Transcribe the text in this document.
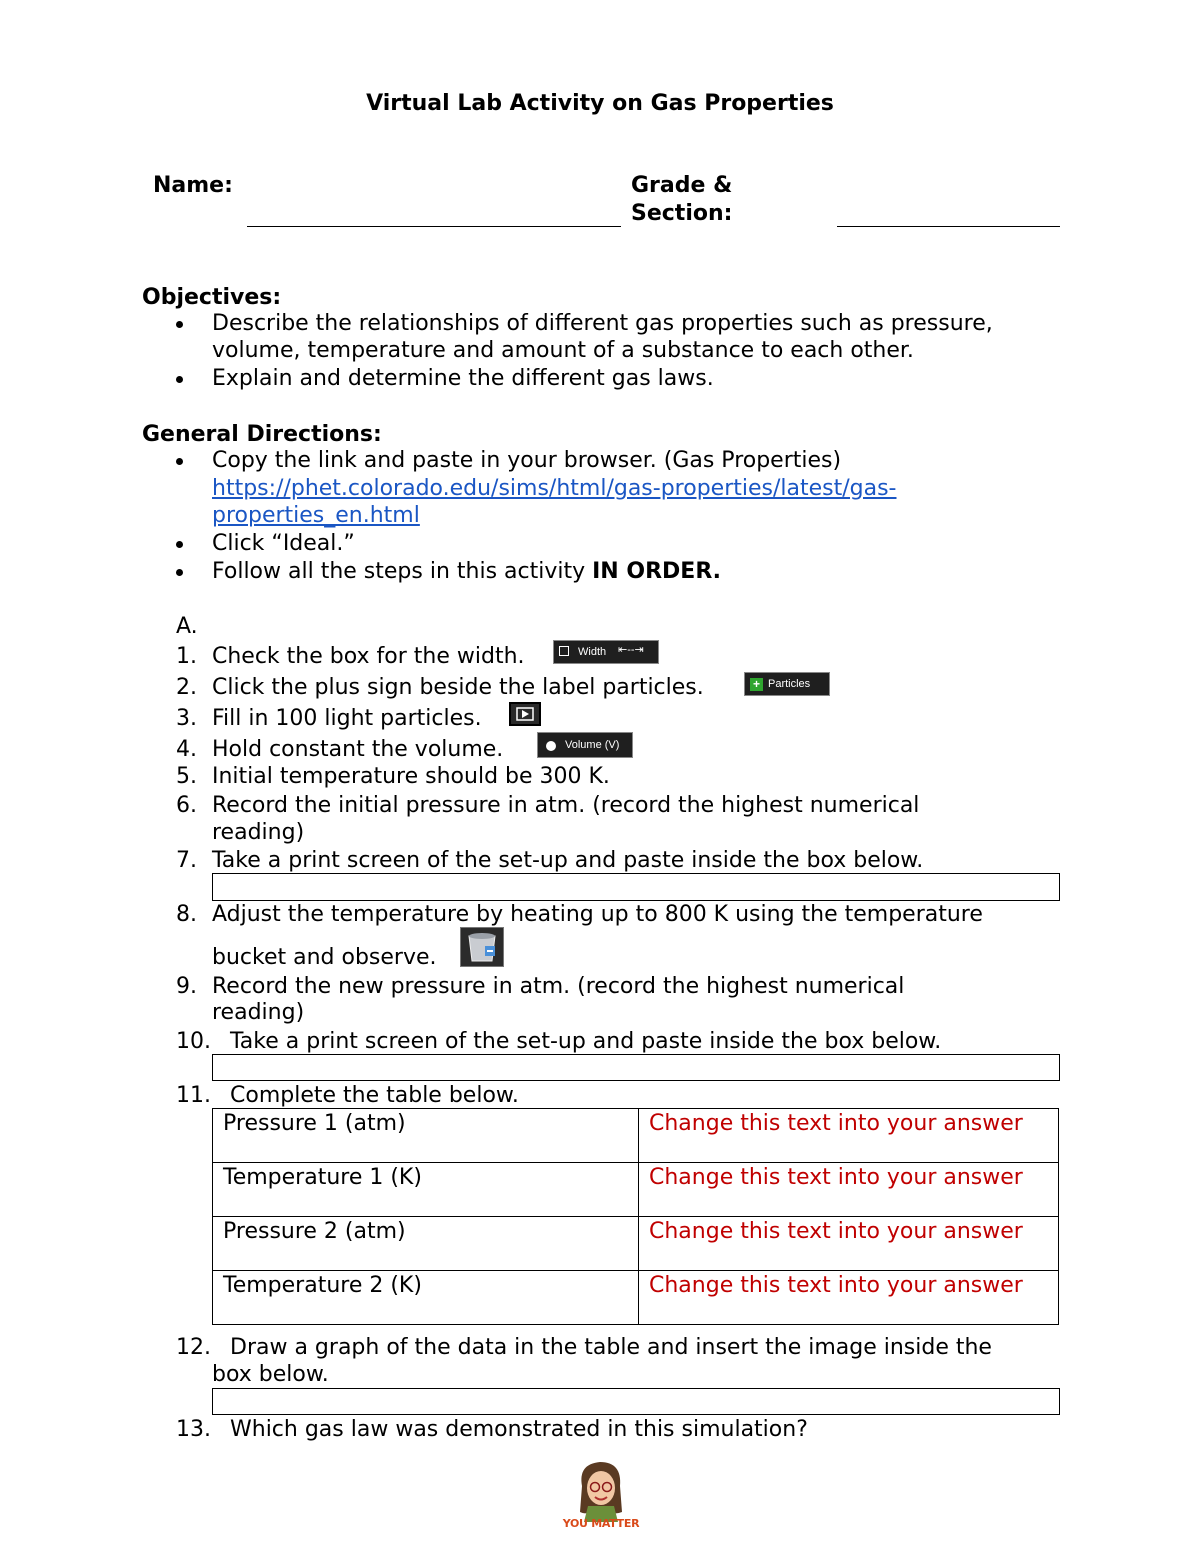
Virtual Lab Activity on Gas Properties
Name:	Grade &
Section:
Objectives:
Describe the relationships of different gas properties such as pressure,
volume, temperature and amount of a substance to each other.
Explain and determine the different gas laws.
General Directions:
Copy the link and paste in your browser. (Gas Properties)
https://phet.colorado.edu/sims/html/gas-properties/latest/gas-
properties_en.html
Click “Ideal.”
Follow all the steps in this activity IN ORDER.
A.
1. Check the box for the width.	Width ⇤--⇥
2. Click the plus sign beside the label particles.	+ Particles
3. Fill in 100 light particles.
4. Hold constant the volume.	Volume (V)
5. Initial temperature should be 300 K.
6. Record the initial pressure in atm. (record the highest numerical
reading)
7. Take a print screen of the set-up and paste inside the box below.
8. Adjust the temperature by heating up to 800 K using the temperature
bucket and observe.
9. Record the new pressure in atm. (record the highest numerical
reading)
10. Take a print screen of the set-up and paste inside the box below.
11. Complete the table below.
Pressure 1 (atm)	Change this text into your answer
Temperature 1 (K)	Change this text into your answer
Pressure 2 (atm)	Change this text into your answer
Temperature 2 (K)	Change this text into your answer
12. Draw a graph of the data in the table and insert the image inside the
box below.
13. Which gas law was demonstrated in this simulation?
YOU MATTER
